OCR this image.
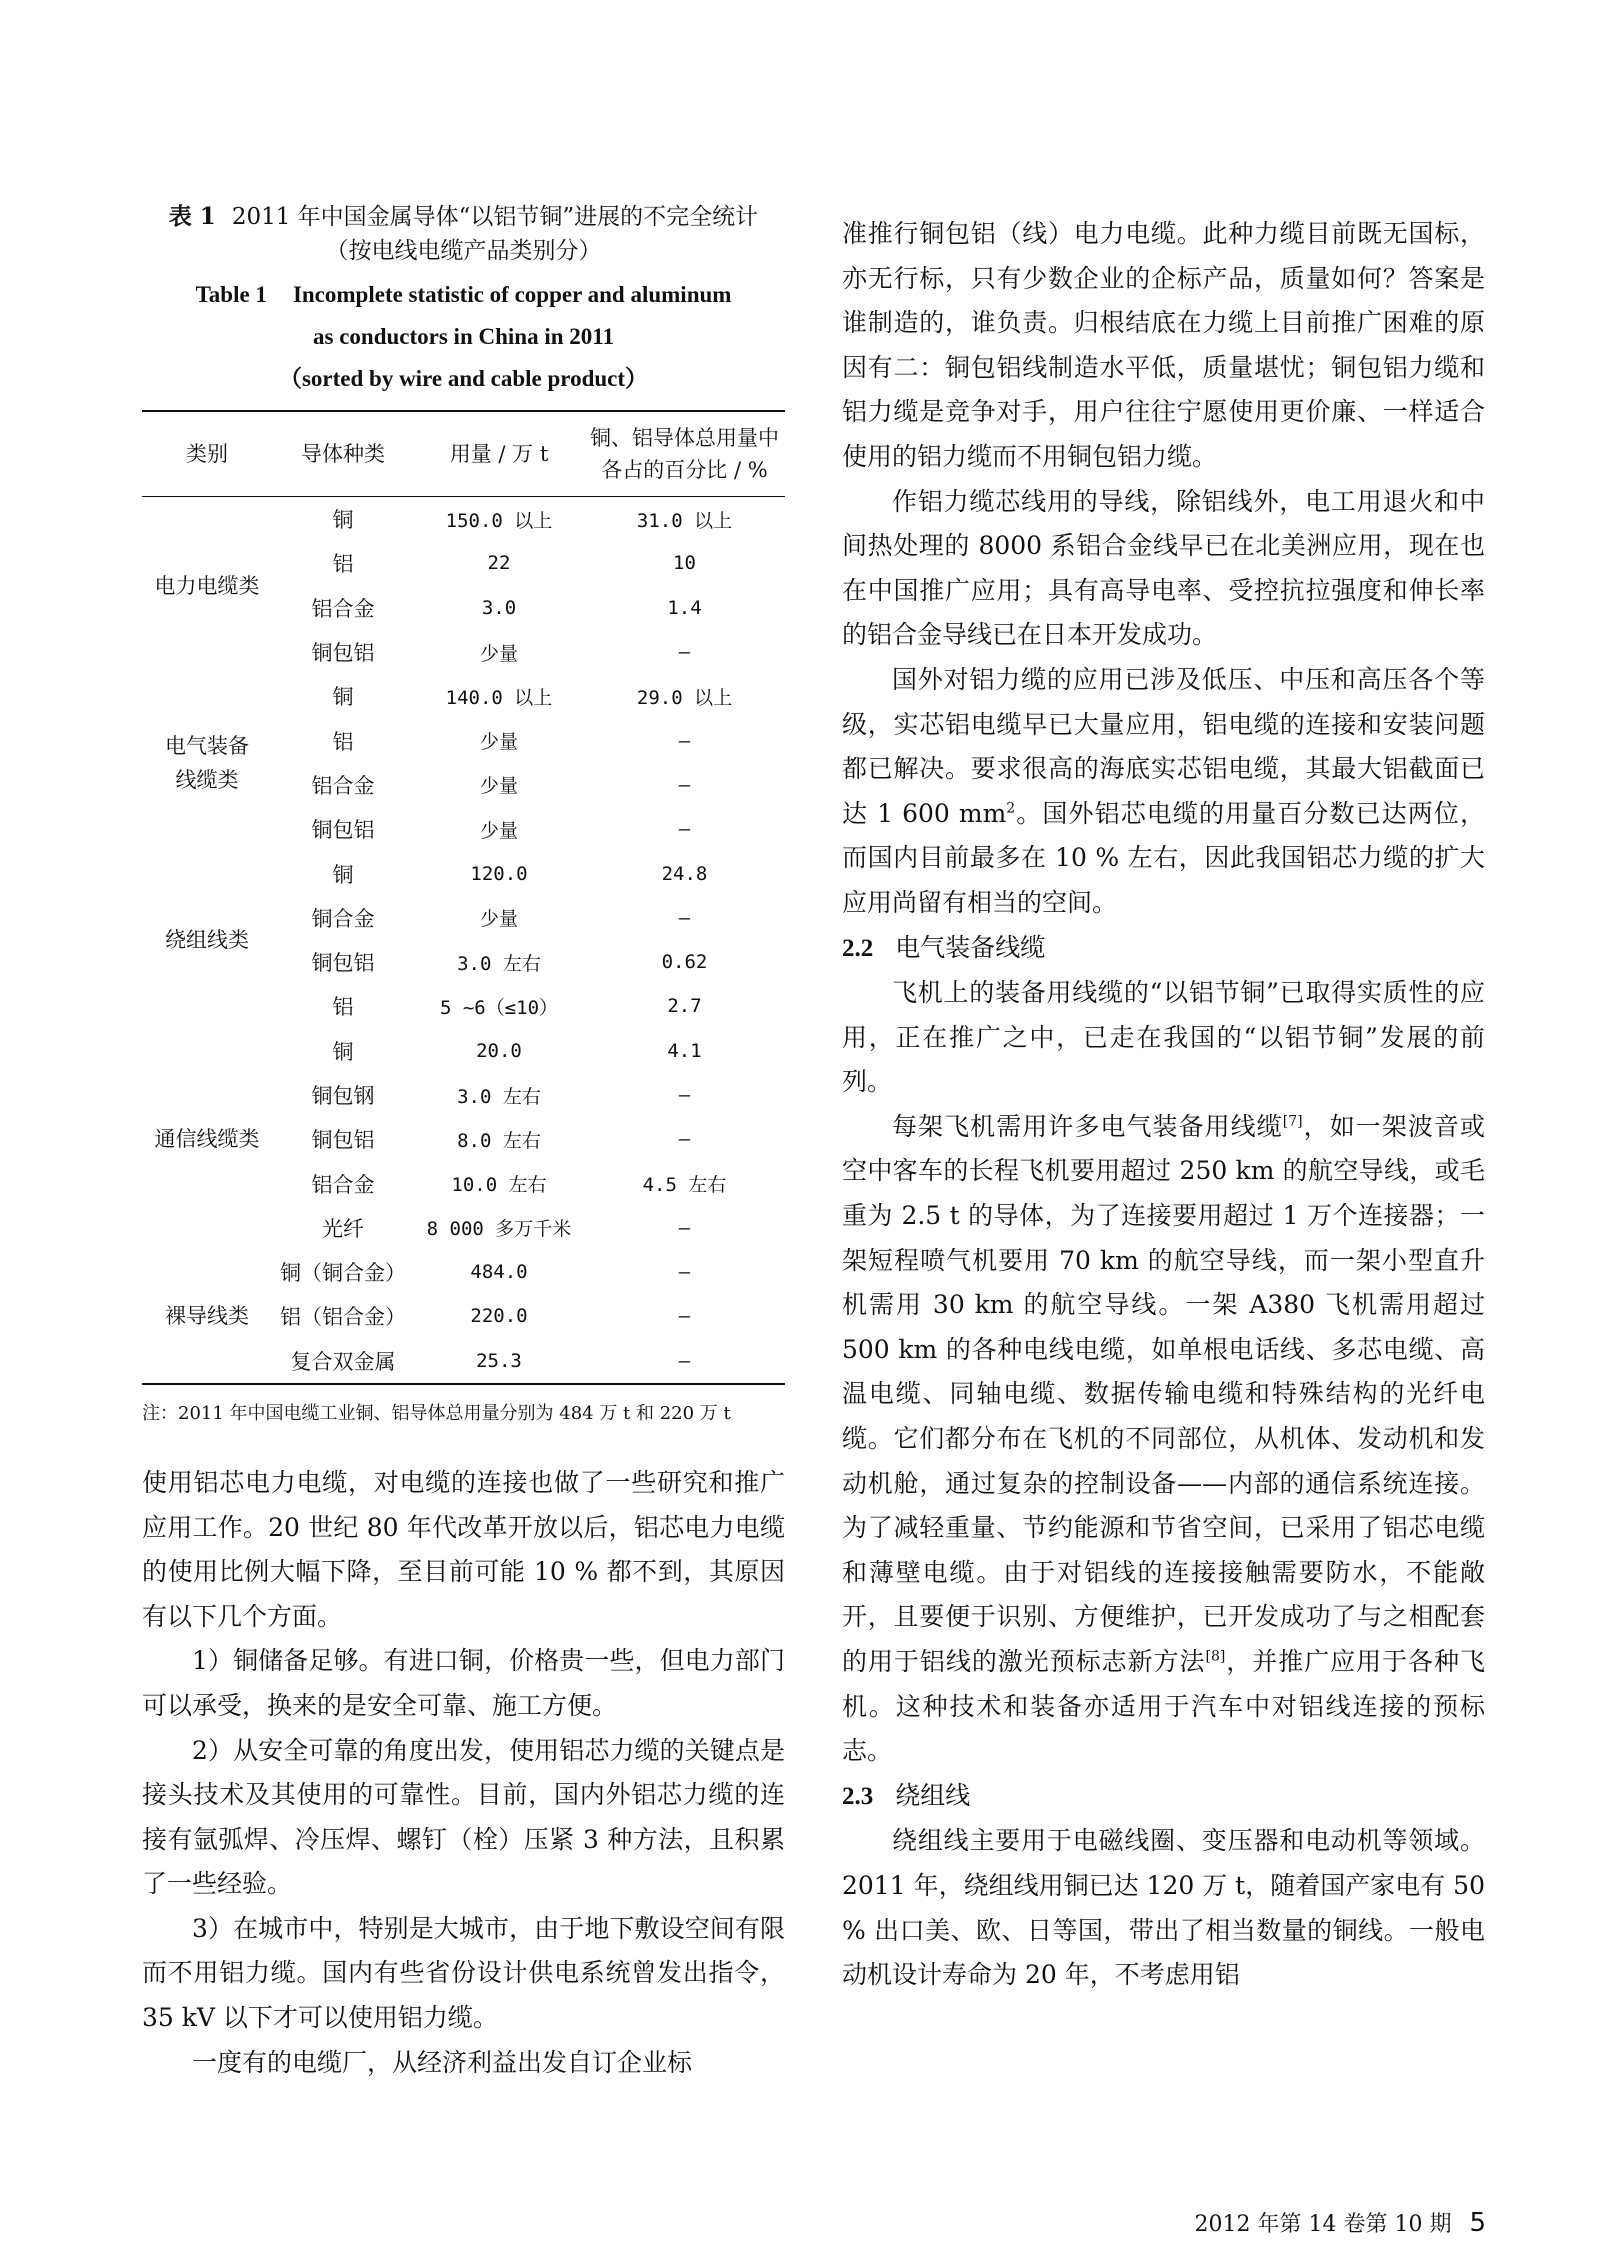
表 1 2011 年中国金属导体“以铝节铜”进展的不完全统计
（按电线电缆产品类别分）
Table 1 Incomplete statistic of copper and aluminum
as conductors in China in 2011
（sorted by wire and cable product）
类别	导体种类	用量 / 万 t	铜、铝导体总用量中
各占的百分比 / %
电力电缆类	铜	150.0 以上	31.0 以上
	铝	22	10
	铝合金	3.0	1.4
	铜包铝	少量	—
电气装备
线缆类	铜	140.0 以上	29.0 以上
	铝	少量	—
	铝合金	少量	—
	铜包铝	少量	—
绕组线类	铜	120.0	24.8
	铜合金	少量	—
	铜包铝	3.0 左右	0.62
	铝	5 ~6（≤10）	2.7
通信线缆类	铜	20.0	4.1
	铜包钢	3.0 左右	—
	铜包铝	8.0 左右	—
	铝合金	10.0 左右	4.5 左右
	光纤	8 000 多万千米	—
裸导线类	铜（铜合金）	484.0	—
	铝（铝合金）	220.0	—
	复合双金属	25.3	—
注：2011 年中国电缆工业铜、铝导体总用量分别为 484 万 t 和 220 万 t

使用铝芯电力电缆，对电缆的连接也做了一些研究和推广应用工作。20 世纪 80 年代改革开放以后，铝芯电力电缆的使用比例大幅下降，至目前可能 10 % 都不到，其原因有以下几个方面。

1）铜储备足够。有进口铜，价格贵一些，但电力部门可以承受，换来的是安全可靠、施工方便。

2）从安全可靠的角度出发，使用铝芯力缆的关键点是接头技术及其使用的可靠性。目前，国内外铝芯力缆的连接有氩弧焊、冷压焊、螺钉（栓）压紧 3 种方法，且积累了一些经验。

3）在城市中，特别是大城市，由于地下敷设空间有限而不用铝力缆。国内有些省份设计供电系统曾发出指令，35 kV 以下才可以使用铝力缆。

一度有的电缆厂，从经济利益出发自订企业标

准推行铜包铝（线）电力电缆。此种力缆目前既无国标，亦无行标，只有少数企业的企标产品，质量如何？答案是谁制造的，谁负责。归根结底在力缆上目前推广困难的原因有二：铜包铝线制造水平低，质量堪忧；铜包铝力缆和铝力缆是竞争对手，用户往往宁愿使用更价廉、一样适合使用的铝力缆而不用铜包铝力缆。

作铝力缆芯线用的导线，除铝线外，电工用退火和中间热处理的 8000 系铝合金线早已在北美洲应用，现在也在中国推广应用；具有高导电率、受控抗拉强度和伸长率的铝合金导线已在日本开发成功。

国外对铝力缆的应用已涉及低压、中压和高压各个等级，实芯铝电缆早已大量应用，铝电缆的连接和安装问题都已解决。要求很高的海底实芯铝电缆，其最大铝截面已达 1 600 $mm^2$。国外铝芯电缆的用量百分数已达两位，而国内目前最多在 10 % 左右，因此我国铝芯力缆的扩大应用尚留有相当的空间。

2.2 电气装备线缆

飞机上的装备用线缆的“以铝节铜”已取得实质性的应用，正在推广之中，已走在我国的“以铝节铜”发展的前列。

每架飞机需用许多电气装备用线缆[7]，如一架波音或空中客车的长程飞机要用超过 250 km 的航空导线，或毛重为 2.5 t 的导体，为了连接要用超过 1 万个连接器；一架短程喷气机要用 70 km 的航空导线，而一架小型直升机需用 30 km 的航空导线。一架 A380 飞机需用超过 500 km 的各种电线电缆，如单根电话线、多芯电缆、高温电缆、同轴电缆、数据传输电缆和特殊结构的光纤电缆。它们都分布在飞机的不同部位，从机体、发动机和发动机舱，通过复杂的控制设备——内部的通信系统连接。为了减轻重量、节约能源和节省空间，已采用了铝芯电缆和薄壁电缆。由于对铝线的连接接触需要防水，不能敞开，且要便于识别、方便维护，已开发成功了与之相配套的用于铝线的激光预标志新方法[8]，并推广应用于各种飞机。这种技术和装备亦适用于汽车中对铝线连接的预标志。

2.3 绕组线

绕组线主要用于电磁线圈、变压器和电动机等领域。2011 年，绕组线用铜已达 120 万 t，随着国产家电有 50 % 出口美、欧、日等国，带出了相当数量的铜线。一般电动机设计寿命为 20 年，不考虑用铝

2012 年第 14 卷第 10 期 5
